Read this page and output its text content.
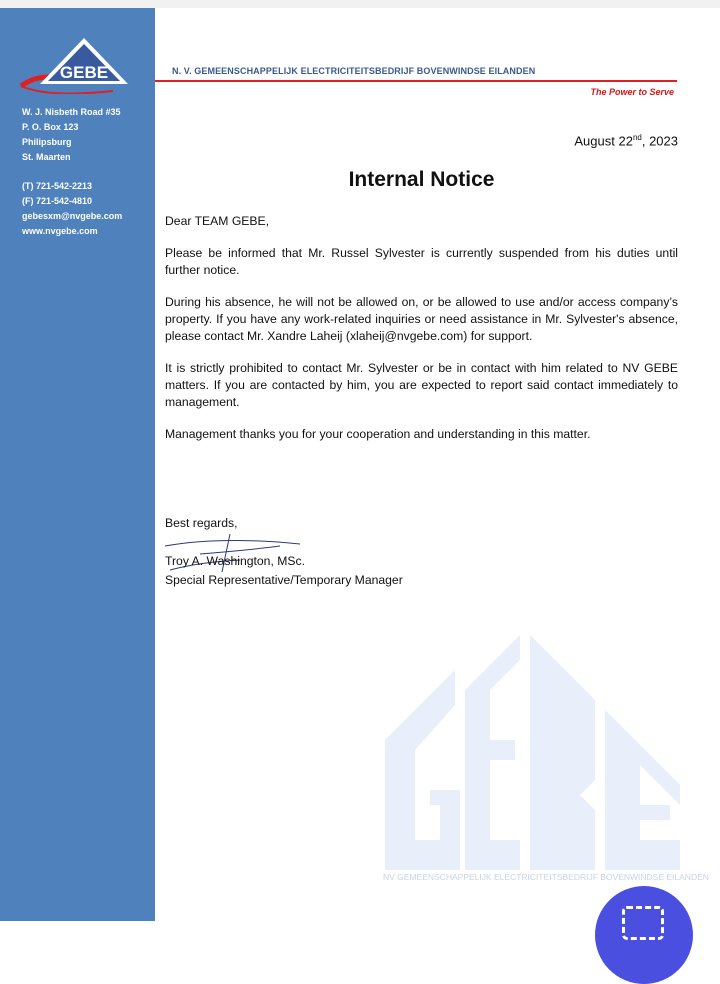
GEBE
W. J. Nisbeth Road #35
P. O. Box 123
Philipsburg
St. Maarten
(T) 721-542-2213
(F) 721-542-4810
gebesxm@nvgebe.com
www.nvgebe.com
N. V. GEMEENSCHAPPELIJK ELECTRICITEITSBEDRIJF BOVENWINDSE EILANDEN
The Power to Serve
August 22nd, 2023
Internal Notice

Dear TEAM GEBE,

Please be informed that Mr. Russel Sylvester is currently suspended from his duties until further notice.

During his absence, he will not be allowed on, or be allowed to use and/or access company’s property. If you have any work-related inquiries or need assistance in Mr. Sylvester's absence, please contact Mr. Xandre Laheij (xlaheij@nvgebe.com) for support.

It is strictly prohibited to contact Mr. Sylvester or be in contact with him related to NV GEBE matters. If you are contacted by him, you are expected to report said contact immediately to management.

Management thanks you for your cooperation and understanding in this matter.

Best regards,
Troy A. Washington, MSc.
Special Representative/Temporary Manager
NV GEMEENSCHAPPELIJK ELECTRICITEITSBEDRIJF BOVENWINDSE EILANDEN
